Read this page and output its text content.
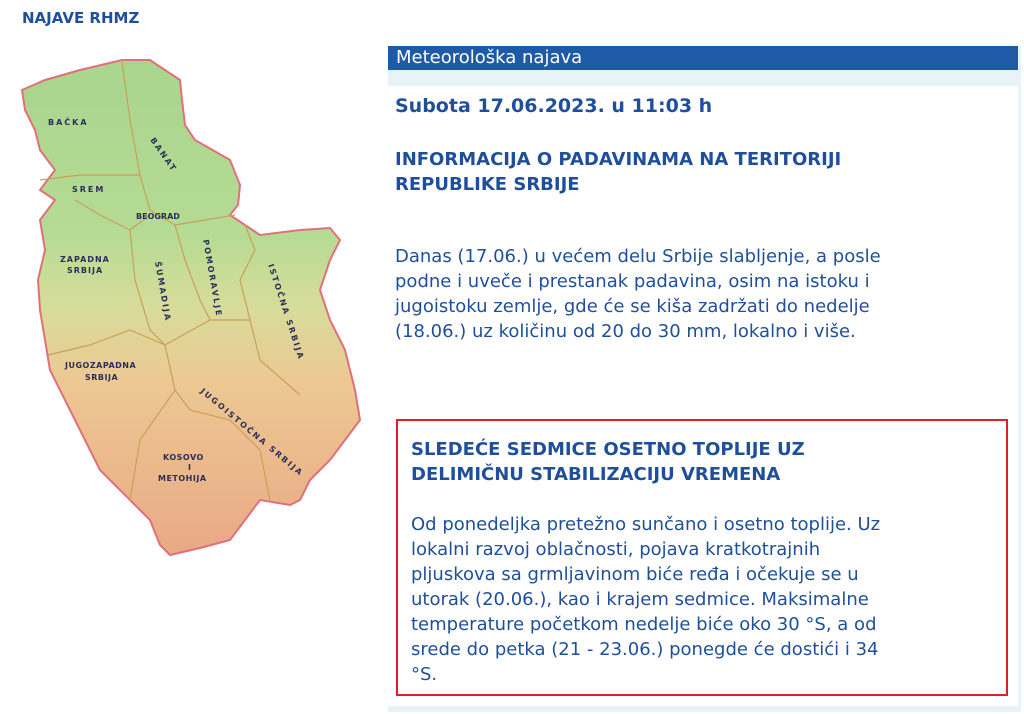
NAJAVE RHMZ
BAČKA
BANAT
SREM
BEOGRAD
ZAPADNA
SRBIJA	ŠUMADIJA	POMORAVLJE	ISTOČNA SRBIJA
JUGOZAPADNA
SRBIJA
JUGOISTOČNA SRBIJA
KOSOVO
I
METOHIJA
Meteorološka najava
Subota 17.06.2023. u 11:03 h
INFORMACIJA O PADAVINAMA NA TERITORIJI
REPUBLIKE SRBIJE
Danas (17.06.) u većem delu Srbije slabljenje, a posle
podne i uveče i prestanak padavina, osim na istoku i
jugoistoku zemlje, gde će se kiša zadržati do nedelje
(18.06.) uz količinu od 20 do 30 mm, lokalno i više.
SLEDEĆE SEDMICE OSETNO TOPLIJE UZ
DELIMIČNU STABILIZACIJU VREMENA
Od ponedeljka pretežno sunčano i osetno toplije. Uz
lokalni razvoj oblačnosti, pojava kratkotrajnih
pljuskova sa grmljavinom biće ređa i očekuje se u
utorak (20.06.), kao i krajem sedmice. Maksimalne
temperature početkom nedelje biće oko 30 °S, a od
srede do petka (21 - 23.06.) ponegde će dostići i 34
°S.
